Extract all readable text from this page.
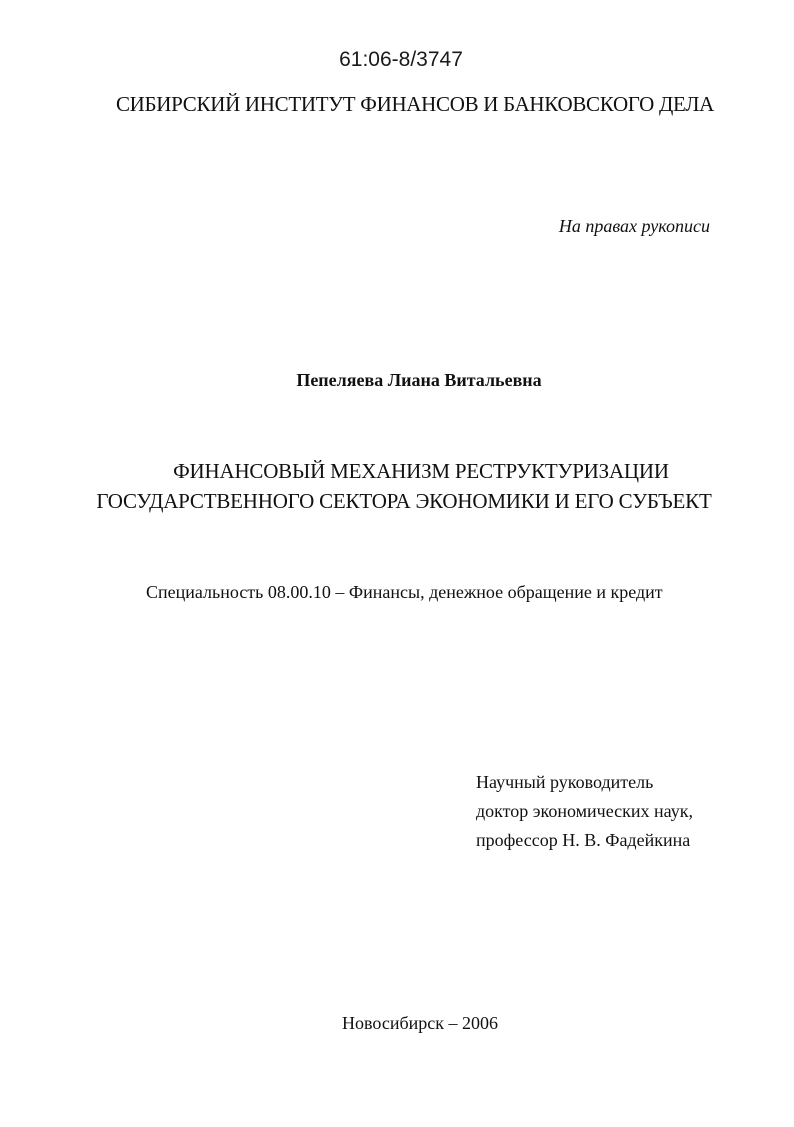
61:06-8/3747
СИБИРСКИЙ ИНСТИТУТ ФИНАНСОВ И БАНКОВСКОГО ДЕЛА
На правах рукописи
Пепеляева Лиана Витальевна
ФИНАНСОВЫЙ МЕХАНИЗМ РЕСТРУКТУРИЗАЦИИ
ГОСУДАРСТВЕННОГО СЕКТОРА ЭКОНОМИКИ И ЕГО СУБЪЕКТ
Специальность 08.00.10 – Финансы, денежное обращение и кредит
Научный руководитель
доктор экономических наук,
профессор Н. В. Фадейкина
Новосибирск – 2006
